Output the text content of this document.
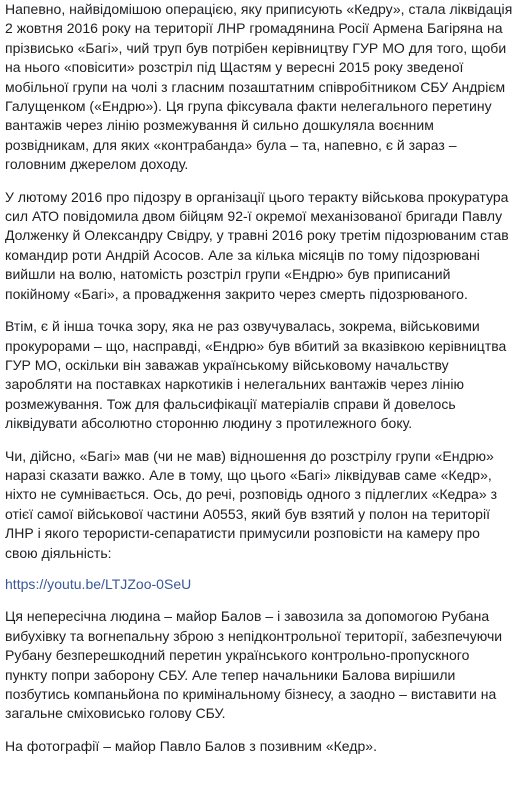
Напевно, найвідомішою операцією, яку приписують «Кедру», стала ліквідація 2 жовтня 2016 року на території ЛНР громадянина Росії Армена Багіряна на прізвисько «Багі», чий труп був потрібен керівництву ГУР МО для того, щоби на нього «повісити» розстріл під Щастям у вересні 2015 року зведеної мобільної групи на чолі з гласним позаштатним співробітником СБУ Андрієм Галущенком («Ендрю»). Ця група фіксувала факти нелегального перетину вантажів через лінію розмежування й сильно дошкуляла воєнним розвідникам, для яких «контрабанда» була – та, напевно, є й зараз – головним джерелом доходу.

У лютому 2016 про підозру в організації цього теракту військова прокуратура сил АТО повідомила двом бійцям 92-ї окремої механізованої бригади Павлу Долженку й Олександру Свідру, у травні 2016 року третім підозрюваним став командир роти Андрій Асосов. Але за кілька місяців по тому підозрювані вийшли на волю, натомість розстріл групи «Ендрю» був приписаний покійному «Багі», а провадження закрито через смерть підозрюваного.

Втім, є й інша точка зору, яка не раз озвучувалась, зокрема, військовими прокурорами – що, насправді, «Ендрю» був вбитий за вказівкою керівництва ГУР МО, оскільки він заважав українському військовому начальству заробляти на поставках наркотиків і нелегальних вантажів через лінію розмежування. Тож для фальсифікації матеріалів справи й довелось ліквідувати абсолютно сторонню людину з протилежного боку.

Чи, дійсно, «Багі» мав (чи не мав) відношення до розстрілу групи «Ендрю» наразі сказати важко. Але в тому, що цього «Багі» ліквідував саме «Кедр», ніхто не сумнівається. Ось, до речі, розповідь одного з підлеглих «Кедра» з отієї самої військової частини А0553, який був взятий у полон на території ЛНР і якого терористи-сепаратисти примусили розповісти на камеру про свою діяльність:

https://youtu.be/LTJZoo-0SeU

Ця непересічна людина – майор Балов – і завозила за допомогою Рубана вибухівку та вогнепальну зброю з непідконтрольної території, забезпечуючи Рубану безперешкодний перетин українського контрольно-пропускного пункту попри заборону СБУ. Але тепер начальники Балова вирішили позбутись компаньйона по кримінальному бізнесу, а заодно – виставити на загальне сміховисько голову СБУ.

На фотографії – майор Павло Балов з позивним «Кедр».
